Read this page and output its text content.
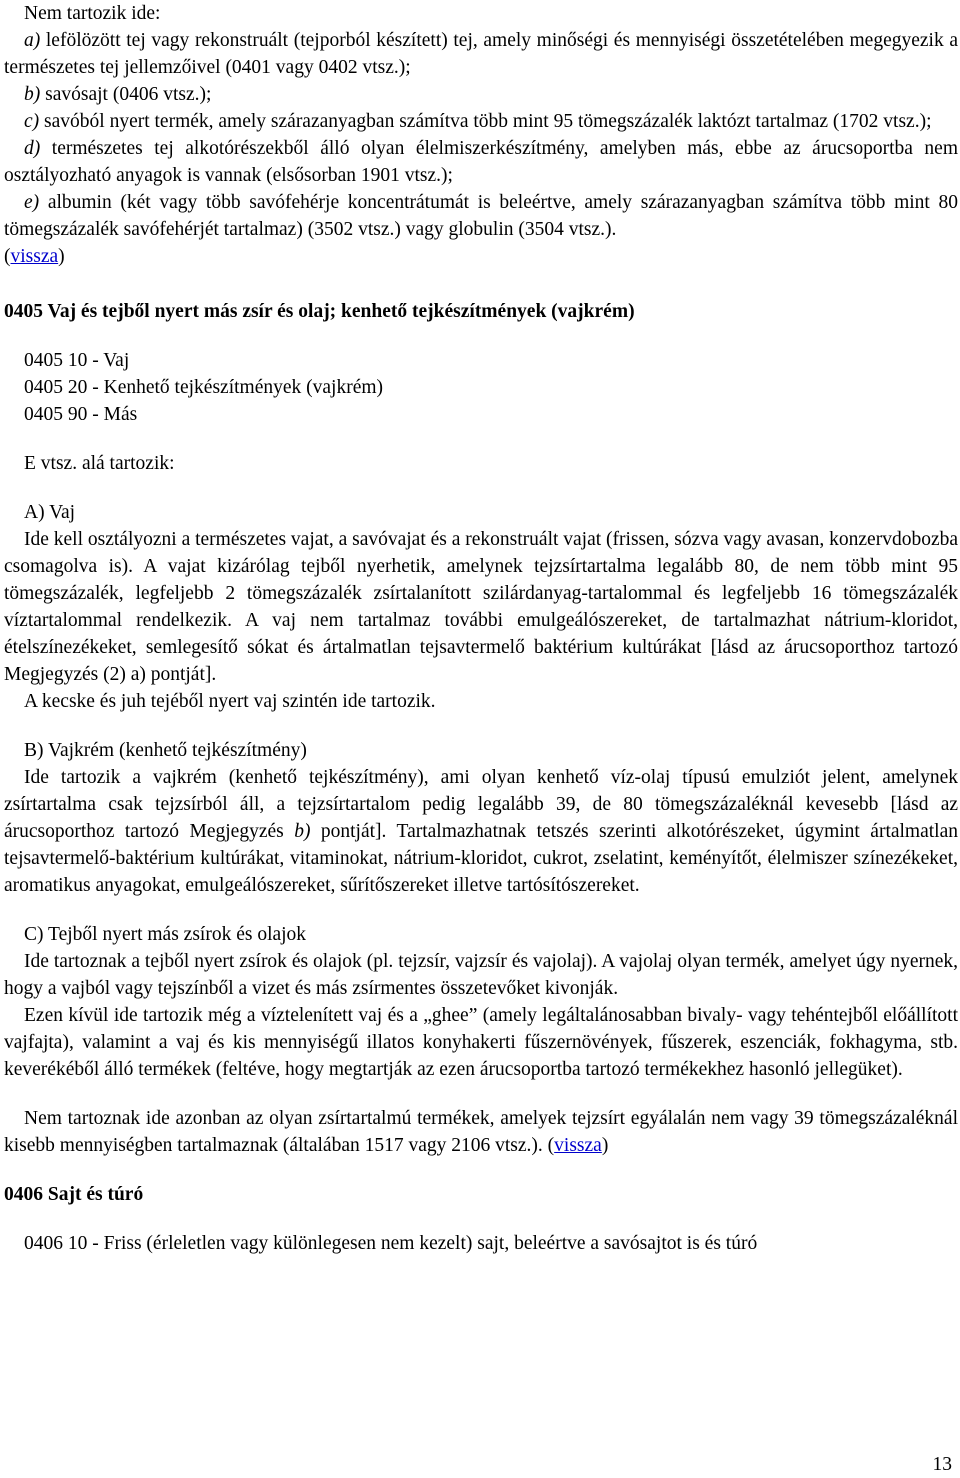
Nem tartozik ide:

a) lefölözött tej vagy rekonstruált (tejporból készített) tej, amely minőségi és mennyiségi összetételében megegyezik a természetes tej jellemzőivel (0401 vagy 0402 vtsz.);

b) savósajt (0406 vtsz.);

c) savóból nyert termék, amely szárazanyagban számítva több mint 95 tömegszázalék laktózt tartalmaz (1702 vtsz.);

d) természetes tej alkotórészekből álló olyan élelmiszerkészítmény, amelyben más, ebbe az árucsoportba nem osztályozható anyagok is vannak (elsősorban 1901 vtsz.);

e) albumin (két vagy több savófehérje koncentrátumát is beleértve, amely szárazanyagban számítva több mint 80 tömegszázalék savófehérjét tartalmaz) (3502 vtsz.) vagy globulin (3504 vtsz.).

(vissza)

0405 Vaj és tejből nyert más zsír és olaj; kenhető tejkészítmények (vajkrém)

0405 10 - Vaj

0405 20 - Kenhető tejkészítmények (vajkrém)

0405 90 - Más

E vtsz. alá tartozik:

A) Vaj

Ide kell osztályozni a természetes vajat, a savóvajat és a rekonstruált vajat (frissen, sózva vagy avasan, konzervdobozba csomagolva is). A vajat kizárólag tejből nyerhetik, amelynek tejzsírtartalma legalább 80, de nem több mint 95 tömegszázalék, legfeljebb 2 tömegszázalék zsírtalanított szilárdanyag-tartalommal és legfeljebb 16 tömegszázalék víztartalommal rendelkezik. A vaj nem tartalmaz további emulgeálószereket, de tartalmazhat nátrium-kloridot, ételszínezékeket, semlegesítő sókat és ártalmatlan tejsavtermelő baktérium kultúrákat [lásd az árucsoporthoz tartozó Megjegyzés (2) a) pontját].

A kecske és juh tejéből nyert vaj szintén ide tartozik.

B) Vajkrém (kenhető tejkészítmény)

Ide tartozik a vajkrém (kenhető tejkészítmény), ami olyan kenhető víz-olaj típusú emulziót jelent, amelynek zsírtartalma csak tejzsírból áll, a tejzsírtartalom pedig legalább 39, de 80 tömegszázaléknál kevesebb [lásd az árucsoporthoz tartozó Megjegyzés b) pontját]. Tartalmazhatnak tetszés szerinti alkotórészeket, úgymint ártalmatlan tejsavtermelő-baktérium kultúrákat, vitaminokat, nátrium-kloridot, cukrot, zselatint, keményítőt, élelmiszer színezékeket, aromatikus anyagokat, emulgeálószereket, sűrítőszereket illetve tartósítószereket.

C) Tejből nyert más zsírok és olajok

Ide tartoznak a tejből nyert zsírok és olajok (pl. tejzsír, vajzsír és vajolaj). A vajolaj olyan termék, amelyet úgy nyernek, hogy a vajból vagy tejszínből a vizet és más zsírmentes összetevőket kivonják.

Ezen kívül ide tartozik még a víztelenített vaj és a „ghee” (amely legáltalánosabban bivaly- vagy tehéntejből előállított vajfajta), valamint a vaj és kis mennyiségű illatos konyhakerti fűszernövények, fűszerek, eszenciák, fokhagyma, stb. keverékéből álló termékek (feltéve, hogy megtartják az ezen árucsoportba tartozó termékekhez hasonló jellegüket).

Nem tartoznak ide azonban az olyan zsírtartalmú termékek, amelyek tejzsírt egyálalán nem vagy 39 tömegszázaléknál kisebb mennyiségben tartalmaznak (általában 1517 vagy 2106 vtsz.). (vissza)

0406 Sajt és túró

0406 10 - Friss (érleletlen vagy különlegesen nem kezelt) sajt, beleértve a savósajtot is és túró

13
